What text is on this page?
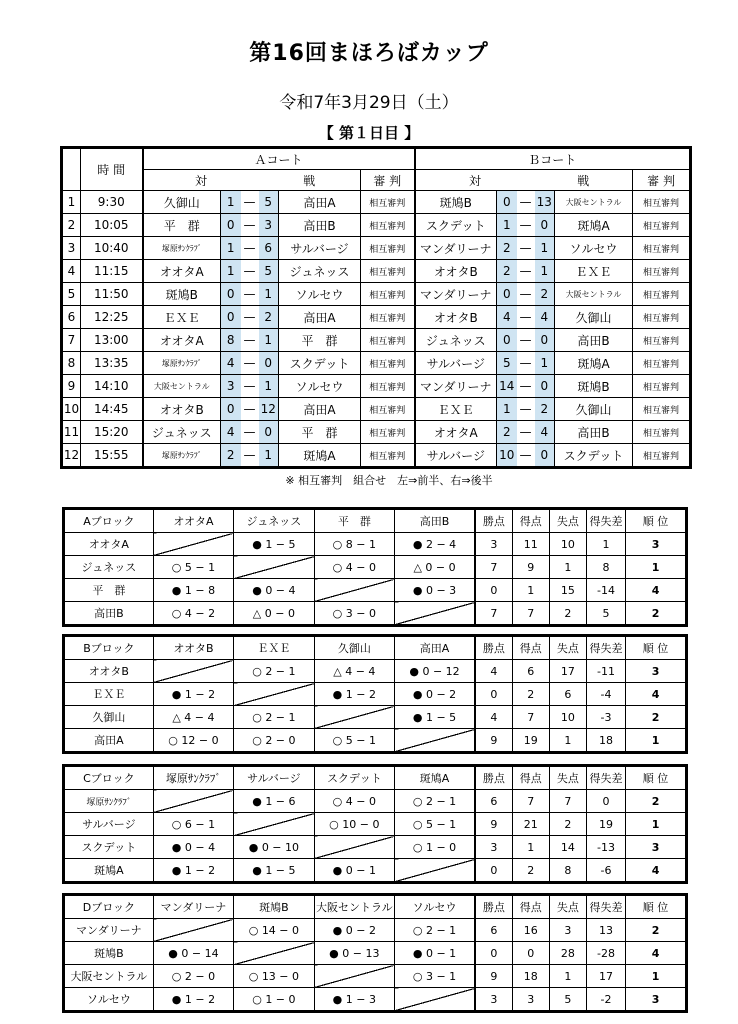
第16回まほろばカップ
令和7年3月29日（土）
【 第１日目 】
	時 間	Ａコート						Ｂコート					
		対			戦		審 判	対			戦		審 判
1	9:30	久御山	1	—	5	高田A	相互審判	斑鳩B	0	—	13	大阪セントラル	相互審判
2	10:05	平　群	0	—	3	高田B	相互審判	スクデット	1	—	0	斑鳩A	相互審判
3	10:40	塚原ｻﾝｸﾗﾌﾞ	1	—	6	サルバージ	相互審判	マンダリーナ	2	—	1	ソルセウ	相互審判
4	11:15	オオタA	1	—	5	ジュネッス	相互審判	オオタB	2	—	1	ＥＸＥ	相互審判
5	11:50	斑鳩B	0	—	1	ソルセウ	相互審判	マンダリーナ	0	—	2	大阪セントラル	相互審判
6	12:25	ＥＸＥ	0	—	2	高田A	相互審判	オオタB	4	—	4	久御山	相互審判
7	13:00	オオタA	8	—	1	平　群	相互審判	ジュネッス	0	—	0	高田B	相互審判
8	13:35	塚原ｻﾝｸﾗﾌﾞ	4	—	0	スクデット	相互審判	サルバージ	5	—	1	斑鳩A	相互審判
9	14:10	大阪セントラル	3	—	1	ソルセウ	相互審判	マンダリーナ	14	—	0	斑鳩B	相互審判
10	14:45	オオタB	0	—	12	高田A	相互審判	ＥＸＥ	1	—	2	久御山	相互審判
11	15:20	ジュネッス	4	—	0	平　群	相互審判	オオタA	2	—	4	高田B	相互審判
12	15:55	塚原ｻﾝｸﾗﾌﾞ	2	—	1	斑鳩A	相互審判	サルバージ	10	—	0	スクデット	相互審判
※ 相互審判　組合せ　左⇒前半、右⇒後半
Aブロック	オオタA	ジュネッス	平　群	高田B	勝点	得点	失点	得失差	順 位
オオタA		● 1 − 5	○ 8 − 1	● 2 − 4	3	11	10	1	3
ジュネッス	○ 5 − 1		○ 4 − 0	△ 0 − 0	7	9	1	8	1
平　群	● 1 − 8	● 0 − 4		● 0 − 3	0	1	15	-14	4
高田B	○ 4 − 2	△ 0 − 0	○ 3 − 0		7	7	2	5	2
Bブロック	オオタB	ＥＸＥ	久御山	高田A	勝点	得点	失点	得失差	順 位
オオタB		○ 2 − 1	△ 4 − 4	● 0 − 12	4	6	17	-11	3
ＥＸＥ	● 1 − 2		● 1 − 2	● 0 − 2	0	2	6	-4	4
久御山	△ 4 − 4	○ 2 − 1		● 1 − 5	4	7	10	-3	2
高田A	○ 12 − 0	○ 2 − 0	○ 5 − 1		9	19	1	18	1
Cブロック	塚原ｻﾝｸﾗﾌﾞ	サルバージ	スクデット	斑鳩A	勝点	得点	失点	得失差	順 位
塚原ｻﾝｸﾗﾌﾞ		● 1 − 6	○ 4 − 0	○ 2 − 1	6	7	7	0	2
サルバージ	○ 6 − 1		○ 10 − 0	○ 5 − 1	9	21	2	19	1
スクデット	● 0 − 4	● 0 − 10		○ 1 − 0	3	1	14	-13	3
斑鳩A	● 1 − 2	● 1 − 5	● 0 − 1		0	2	8	-6	4
Dブロック	マンダリーナ	斑鳩B	大阪セントラル	ソルセウ	勝点	得点	失点	得失差	順 位
マンダリーナ		○ 14 − 0	● 0 − 2	○ 2 − 1	6	16	3	13	2
斑鳩B	● 0 − 14		● 0 − 13	● 0 − 1	0	0	28	-28	4
大阪セントラル	○ 2 − 0	○ 13 − 0		○ 3 − 1	9	18	1	17	1
ソルセウ	● 1 − 2	○ 1 − 0	● 1 − 3		3	3	5	-2	3
